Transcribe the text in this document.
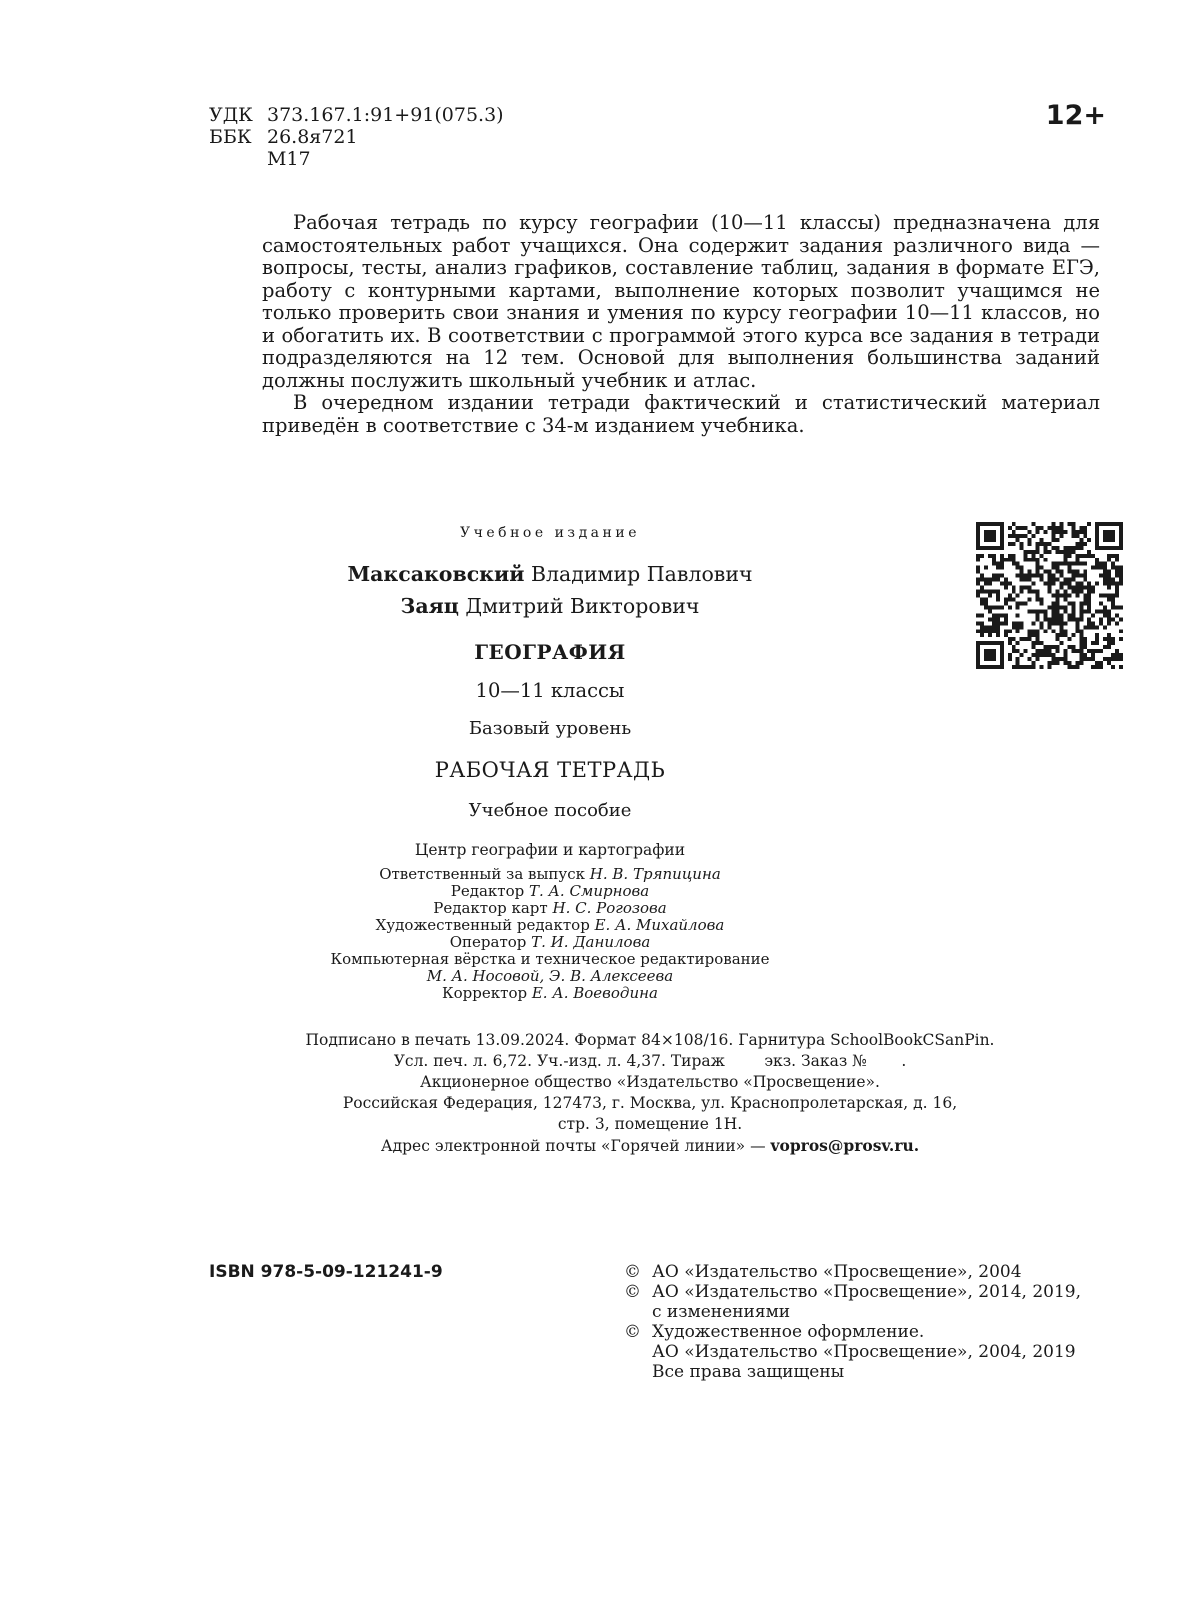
УДК 373.167.1:91+91(075.3)
ББК 26.8я721
М17
12+

Рабочая тетрадь по курсу географии (10—11 классы) предназначена для самостоятельных работ учащихся. Она содержит задания различного вида — вопросы, тесты, анализ графиков, составление таблиц, задания в формате ЕГЭ, работу с контурными картами, выполнение которых позволит учащимся не только проверить свои знания и умения по курсу географии 10—11 классов, но и обогатить их. В соответствии с программой этого курса все задания в тетради подразделяются на 12 тем. Основой для выполнения большинства заданий должны послужить школьный учебник и атлас.

В очередном издании тетради фактический и статистический материал приведён в соответствие с 34-м изданием учебника.

Учебное издание
Максаковский Владимир Павлович
Заяц Дмитрий Викторович
ГЕОГРАФИЯ
10—11 классы
Базовый уровень
РАБОЧАЯ ТЕТРАДЬ
Учебное пособие
Центр географии и картографии
Ответственный за выпуск Н. В. Тряпицина
Редактор Т. А. Смирнова
Редактор карт Н. С. Рогозова
Художественный редактор Е. А. Михайлова
Оператор Т. И. Данилова
Компьютерная вёрстка и техническое редактирование
М. А. Носовой, Э. В. Алексеева
Корректор Е. А. Воеводина
Подписано в печать 13.09.2024. Формат 84×108/16. Гарнитура SchoolBookCSanPin.
Усл. печ. л. 6,72. Уч.-изд. л. 4,37. Тираж        экз. Заказ №       .
Акционерное общество «Издательство «Просвещение».
Российская Федерация, 127473, г. Москва, ул. Краснопролетарская, д. 16,
стр. 3, помещение 1Н.
Адрес электронной почты «Горячей линии» — vopros@prosv.ru.
ISBN 978-5-09-121241-9	© АО «Издательство «Просвещение», 2004
© АО «Издательство «Просвещение», 2014, 2019,
с изменениями
© Художественное оформление.
АО «Издательство «Просвещение», 2004, 2019
Все права защищены
